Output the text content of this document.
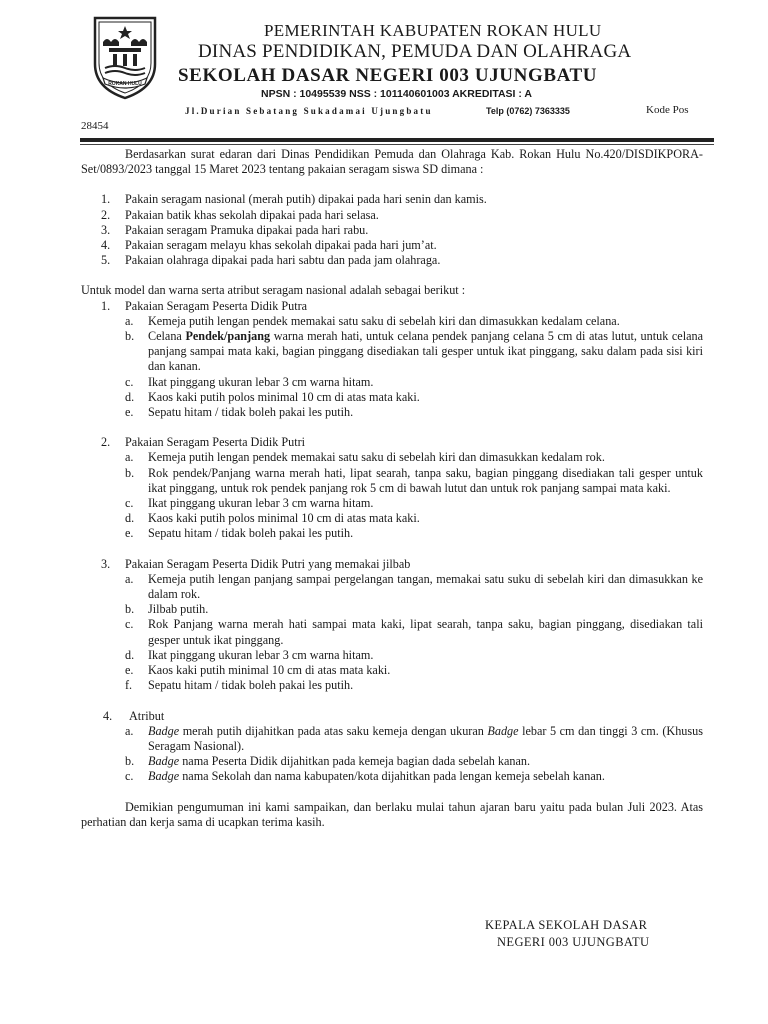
ROKAN HULU
PEMERINTAH KABUPATEN ROKAN HULU
DINAS PENDIDIKAN, PEMUDA DAN OLAHRAGA
SEKOLAH DASAR NEGERI 003 UJUNGBATU
NPSN : 10495539 NSS : 101140601003 AKREDITASI : A
Jl.Durian Sebatang Sukadamai Ujungbatu	Telp (0762) 7363335	Kode Pos
28454

Berdasarkan surat edaran dari Dinas Pendidikan Pemuda dan Olahraga Kab. Rokan Hulu No.420/DISDIKPORA-Set/0893/2023 tanggal 15 Maret 2023 tentang pakaian seragam siswa SD dimana :

1. Pakain seragam nasional (merah putih) dipakai pada hari senin dan kamis.
2. Pakaian batik khas sekolah dipakai pada hari selasa.
3. Pakaian seragam Pramuka dipakai pada hari rabu.
4. Pakaian seragam melayu khas sekolah dipakai pada hari jum’at.
5. Pakaian olahraga dipakai pada hari sabtu dan pada jam olahraga.

Untuk model dan warna serta atribut seragam nasional adalah sebagai berikut :

1. Pakaian Seragam Peserta Didik Putra
a. Kemeja putih lengan pendek memakai satu saku di sebelah kiri dan dimasukkan kedalam celana.
b. Celana Pendek/panjang warna merah hati, untuk celana pendek panjang celana 5 cm di atas lutut, untuk celana panjang sampai mata kaki, bagian pinggang disediakan tali gesper untuk ikat pinggang, saku dalam pada sisi kiri dan kanan.
c. Ikat pinggang ukuran lebar 3 cm warna hitam.
d. Kaos kaki putih polos minimal 10 cm di atas mata kaki.
e. Sepatu hitam / tidak boleh pakai les putih.
2. Pakaian Seragam Peserta Didik Putri
a. Kemeja putih lengan pendek memakai satu saku di sebelah kiri dan dimasukkan kedalam rok.
b. Rok pendek/Panjang warna merah hati, lipat searah, tanpa saku, bagian pinggang disediakan tali gesper untuk ikat pinggang, untuk rok pendek panjang rok 5 cm di bawah lutut dan untuk rok panjang sampai mata kaki.
c. Ikat pinggang ukuran lebar 3 cm warna hitam.
d. Kaos kaki putih polos minimal 10 cm di atas mata kaki.
e. Sepatu hitam / tidak boleh pakai les putih.
3. Pakaian Seragam Peserta Didik Putri yang memakai jilbab
a. Kemeja putih lengan panjang sampai pergelangan tangan, memakai satu suku di sebelah kiri dan dimasukkan ke dalam rok.
b. Jilbab putih.
c. Rok Panjang warna merah hati sampai mata kaki, lipat searah, tanpa saku, bagian pinggang, disediakan tali gesper untuk ikat pinggang.
d. Ikat pinggang ukuran lebar 3 cm warna hitam.
e. Kaos kaki putih minimal 10 cm di atas mata kaki.
f. Sepatu hitam / tidak boleh pakai les putih.
4. Atribut
a. Badge merah putih dijahitkan pada atas saku kemeja dengan ukuran Badge lebar 5 cm dan tinggi 3 cm. (Khusus Seragam Nasional).
b. Badge nama Peserta Didik dijahitkan pada kemeja bagian dada sebelah kanan.
c. Badge nama Sekolah dan nama kabupaten/kota dijahitkan pada lengan kemeja sebelah kanan.

Demikian pengumuman ini kami sampaikan, dan berlaku mulai tahun ajaran baru yaitu pada bulan Juli 2023. Atas perhatian dan kerja sama di ucapkan terima kasih.

KEPALA SEKOLAH DASAR
NEGERI 003 UJUNGBATU
